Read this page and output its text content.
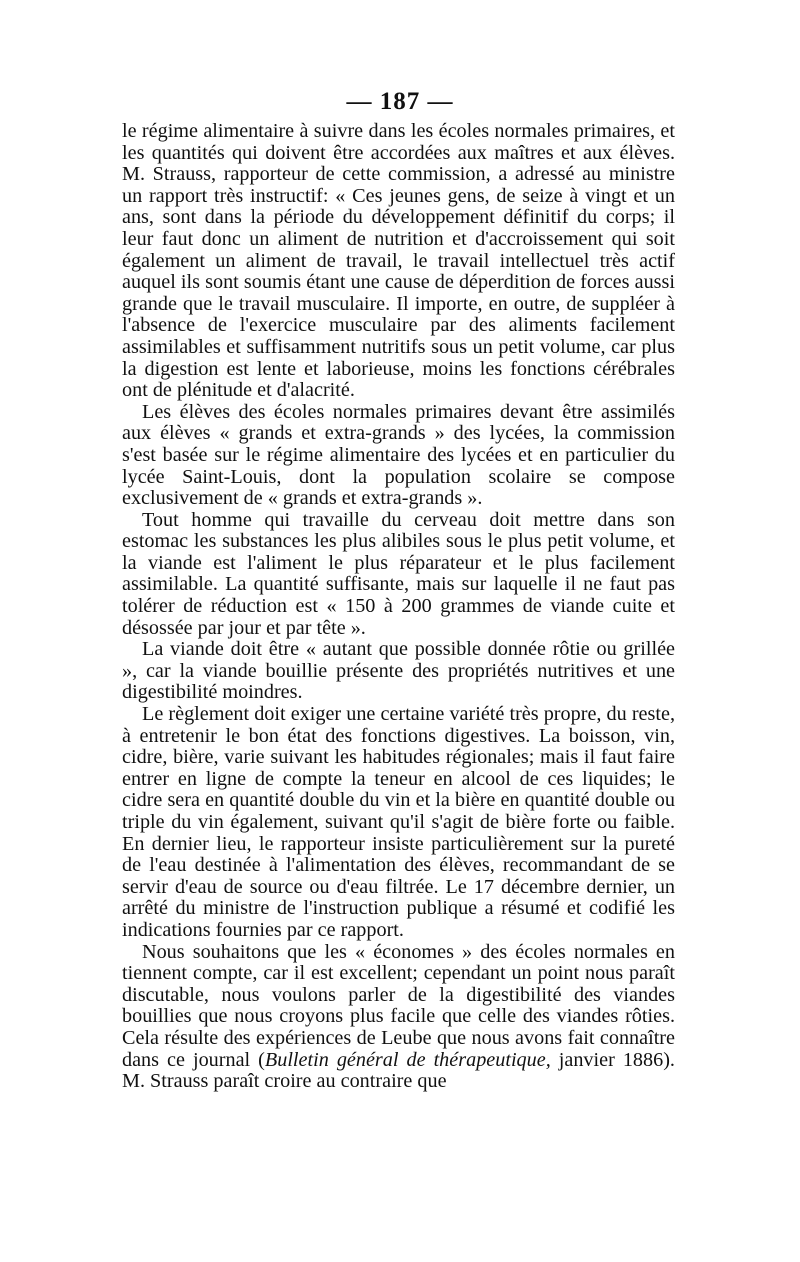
— 187 —

le régime alimentaire à suivre dans les écoles normales primaires, et les quantités qui doivent être accordées aux maîtres et aux élèves. M. Strauss, rapporteur de cette commission, a adressé au ministre un rapport très instructif: « Ces jeunes gens, de seize à vingt et un ans, sont dans la période du développement définitif du corps; il leur faut donc un aliment de nutrition et d'accroissement qui soit également un aliment de travail, le travail intellectuel très actif auquel ils sont soumis étant une cause de déperdition de forces aussi grande que le travail musculaire. Il importe, en outre, de suppléer à l'absence de l'exercice musculaire par des aliments facilement assimilables et suffisamment nutritifs sous un petit volume, car plus la digestion est lente et laborieuse, moins les fonctions cérébrales ont de plénitude et d'alacrité.

Les élèves des écoles normales primaires devant être assimilés aux élèves « grands et extra-grands » des lycées, la commission s'est basée sur le régime alimentaire des lycées et en particulier du lycée Saint-Louis, dont la population scolaire se compose exclusivement de « grands et extra-grands ».

Tout homme qui travaille du cerveau doit mettre dans son estomac les substances les plus alibiles sous le plus petit volume, et la viande est l'aliment le plus réparateur et le plus facilement assimilable. La quantité suffisante, mais sur laquelle il ne faut pas tolérer de réduction est « 150 à 200 grammes de viande cuite et désossée par jour et par tête ».

La viande doit être « autant que possible donnée rôtie ou grillée », car la viande bouillie présente des propriétés nutritives et une digestibilité moindres.

Le règlement doit exiger une certaine variété très propre, du reste, à entretenir le bon état des fonctions digestives. La boisson, vin, cidre, bière, varie suivant les habitudes régionales; mais il faut faire entrer en ligne de compte la teneur en alcool de ces liquides; le cidre sera en quantité double du vin et la bière en quantité double ou triple du vin également, suivant qu'il s'agit de bière forte ou faible. En dernier lieu, le rapporteur insiste particulièrement sur la pureté de l'eau destinée à l'alimentation des élèves, recommandant de se servir d'eau de source ou d'eau filtrée. Le 17 décembre dernier, un arrêté du ministre de l'instruction publique a résumé et codifié les indications fournies par ce rapport.

Nous souhaitons que les « économes » des écoles normales en tiennent compte, car il est excellent; cependant un point nous paraît discutable, nous voulons parler de la digestibilité des viandes bouillies que nous croyons plus facile que celle des viandes rôties. Cela résulte des expériences de Leube que nous avons fait connaître dans ce journal (Bulletin général de thérapeutique, janvier 1886). M. Strauss paraît croire au contraire que
